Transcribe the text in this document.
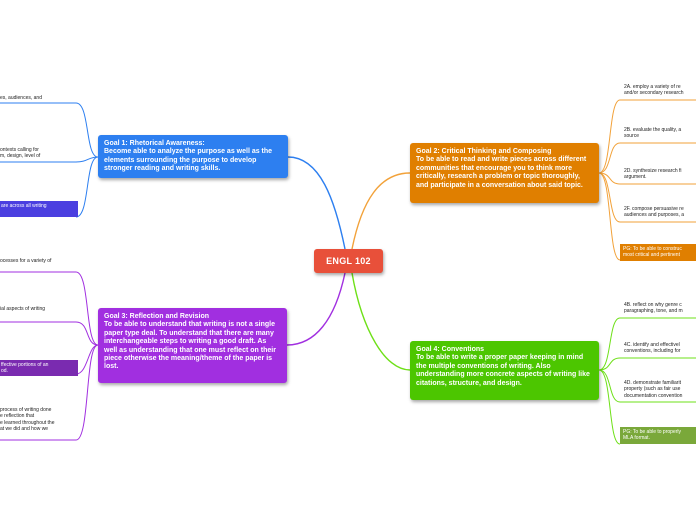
ENGL 102
Goal 1: Rhetorical Awareness:
Become able to analyze the purpose as well as the elements surrounding the purpose to develop stronger reading and writing skills.
Goal 2: Critical Thinking and Composing
To be able to read and write pieces across different communities that encourage you to think more critically, research a problem or topic thoroughly, and participate in a conversation about said topic.
Goal 3: Reflection and Revision
To be able to understand that writing is not a single paper type deal. To understand that there are many interchangeable steps to writing a good draft. As well as understanding that one must reflect on their piece otherwise the meaning/theme of the paper is lost.
Goal 4: Conventions
To be able to write a proper paper keeping in mind the multiple conventions of writing. Also understanding more concrete aspects of writing like citations, structure, and design.
es, audiences, and
ontexts calling for
m, design, level of
are across all writing
ocesses for a variety of
ial aspects of writing
ffective portions of an
od.
process of writing done
e reflection that
e learned throughout the
at we did and how we
2A. employ a variety of re
and/or secondary research
2B. evaluate the quality, a
source
2D. synthesize research fi
argument.
2F. compose persuasive re
audiences and purposes, a
PG: To be able to construc
most critical and pertinent
4B. reflect on why genre c
paragraphing, tone, and m
4C. identify and effectivel
conventions, including for
4D. demonstrate familiarit
property (such as fair use
documentation convention
PG: To be able to properly
MLA format.
